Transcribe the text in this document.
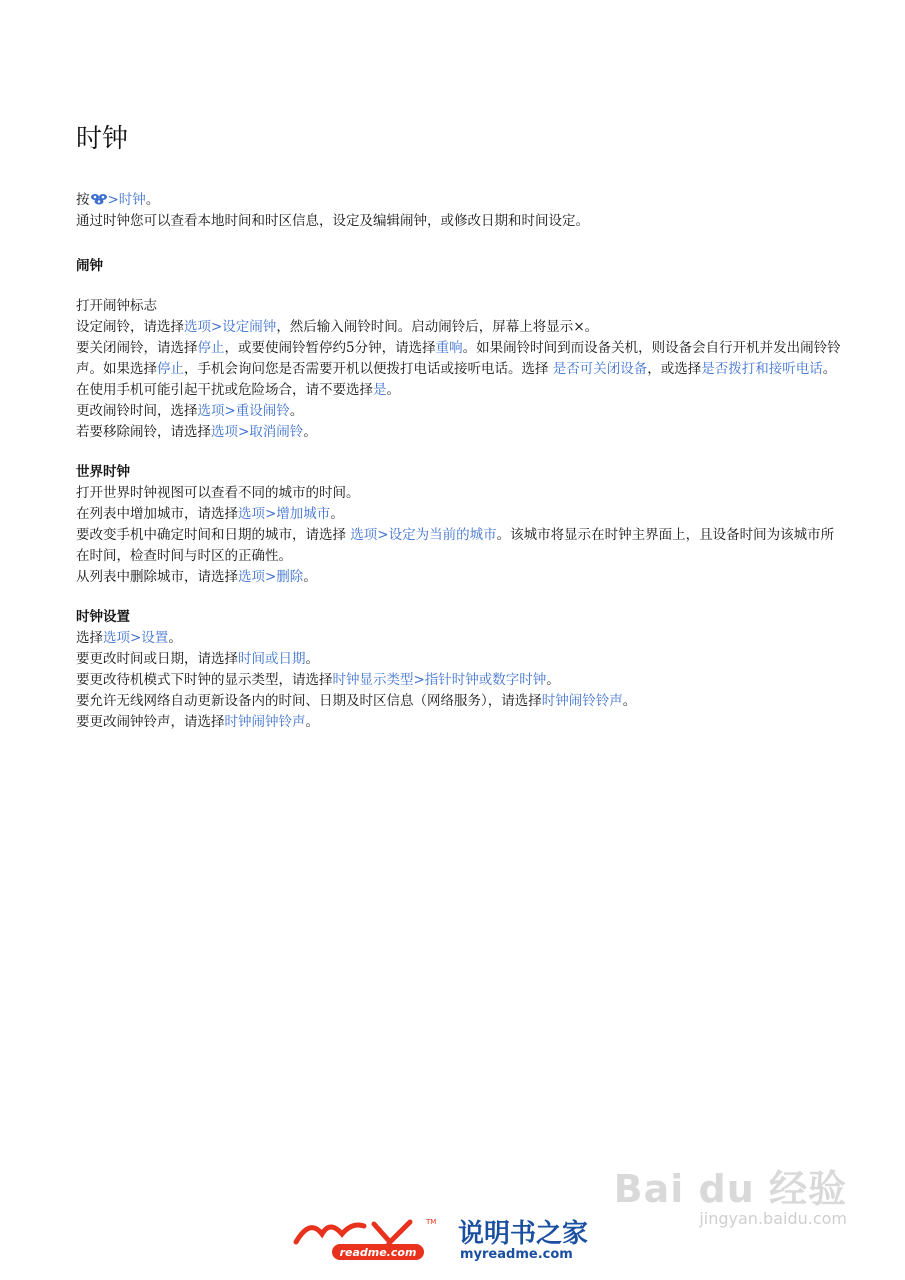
时钟

按 >时钟。

通过时钟您可以查看本地时间和时区信息，设定及编辑闹钟，或修改日期和时间设定。

闹钟

打开闹钟标志

设定闹铃，请选择选项>设定闹钟，然后输入闹铃时间。启动闹铃后，屏幕上将显示×。

要关闭闹铃，请选择停止，或要使闹铃暂停约5分钟，请选择重响。如果闹铃时间到而设备关机，则设备会自行开机并发出闹铃铃声。如果选择停止，手机会询问您是否需要开机以便拨打电话或接听电话。选择 是否可关闭设备，或选择是否拨打和接听电话。在使用手机可能引起干扰或危险场合，请不要选择是。

更改闹铃时间，选择选项>重设闹铃。

若要移除闹铃，请选择选项>取消闹铃。

世界时钟

打开世界时钟视图可以查看不同的城市的时间。

在列表中增加城市，请选择选项>增加城市。

要改变手机中确定时间和日期的城市，请选择 选项>设定为当前的城市。该城市将显示在时钟主界面上，且设备时间为该城市所在时间，检查时间与时区的正确性。

从列表中删除城市，请选择选项>删除。

时钟设置

选择选项>设置。

要更改时间或日期，请选择时间或日期。

要更改待机模式下时钟的显示类型，请选择时钟显示类型>指针时钟或数字时钟。

要允许无线网络自动更新设备内的时间、日期及时区信息（网络服务），请选择时钟闹铃铃声。

要更改闹钟铃声，请选择时钟闹钟铃声。

Bai du 经验
jingyan.baidu.com
readme.com
TM 说明书之家
myreadme.com
